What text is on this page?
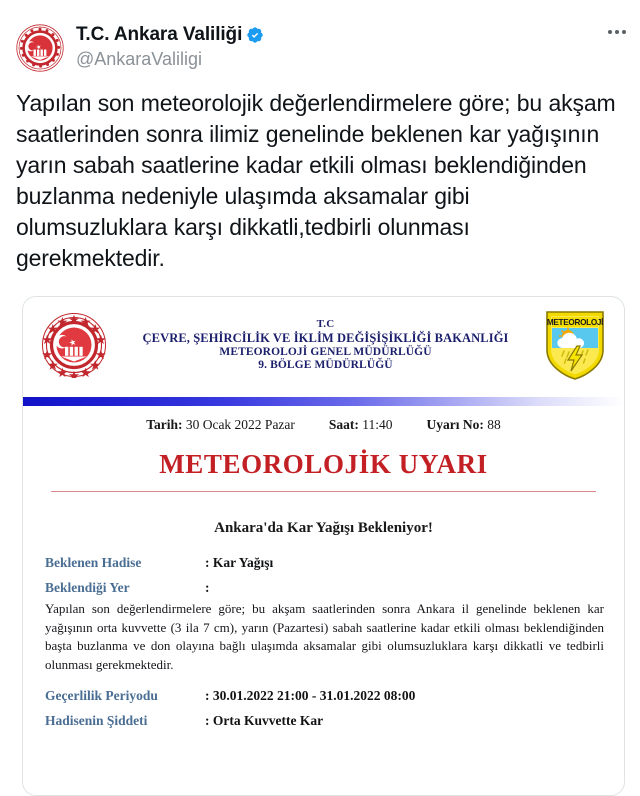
T.C. Ankara Valiliği
@AnkaraValiligi
Yapılan son meteorolojik değerlendirmelere göre; bu akşam saatlerinden sonra ilimiz genelinde beklenen kar yağışının yarın sabah saatlerine kadar etkili olması beklendiğinden buzlanma nedeniyle ulaşımda aksamalar gibi olumsuzluklara karşı dikkatli,tedbirli olunması gerekmektedir.
T.C
ÇEVRE, ŞEHİRCİLİK VE İKLİM DEĞİŞİŞİKLİĞİ BAKANLIĞI
METEOROLOJİ GENEL MÜDÜRLÜĞÜ
9. BÖLGE MÜDÜRLÜĞÜ
METEOROLOJİ
Tarih: 30 Ocak 2022 Pazar	Saat: 11:40	Uyarı No: 88
METEOROLOJİK UYARI
Ankara'da Kar Yağışı Bekleniyor!
Beklenen Hadise	: Kar Yağışı
Beklendiği Yer	:
Yapılan son değerlendirmelere göre; bu akşam saatlerinden sonra Ankara il genelinde beklenen kar yağışının orta kuvvette (3 ila 7 cm), yarın (Pazartesi) sabah saatlerine kadar etkili olması beklendiğinden başta buzlanma ve don olayına bağlı ulaşımda aksamalar gibi olumsuzluklara karşı dikkatli ve tedbirli olunması gerekmektedir.
Geçerlilik Periyodu	: 30.01.2022 21:00 - 31.01.2022 08:00
Hadisenin Şiddeti	: Orta Kuvvette Kar
